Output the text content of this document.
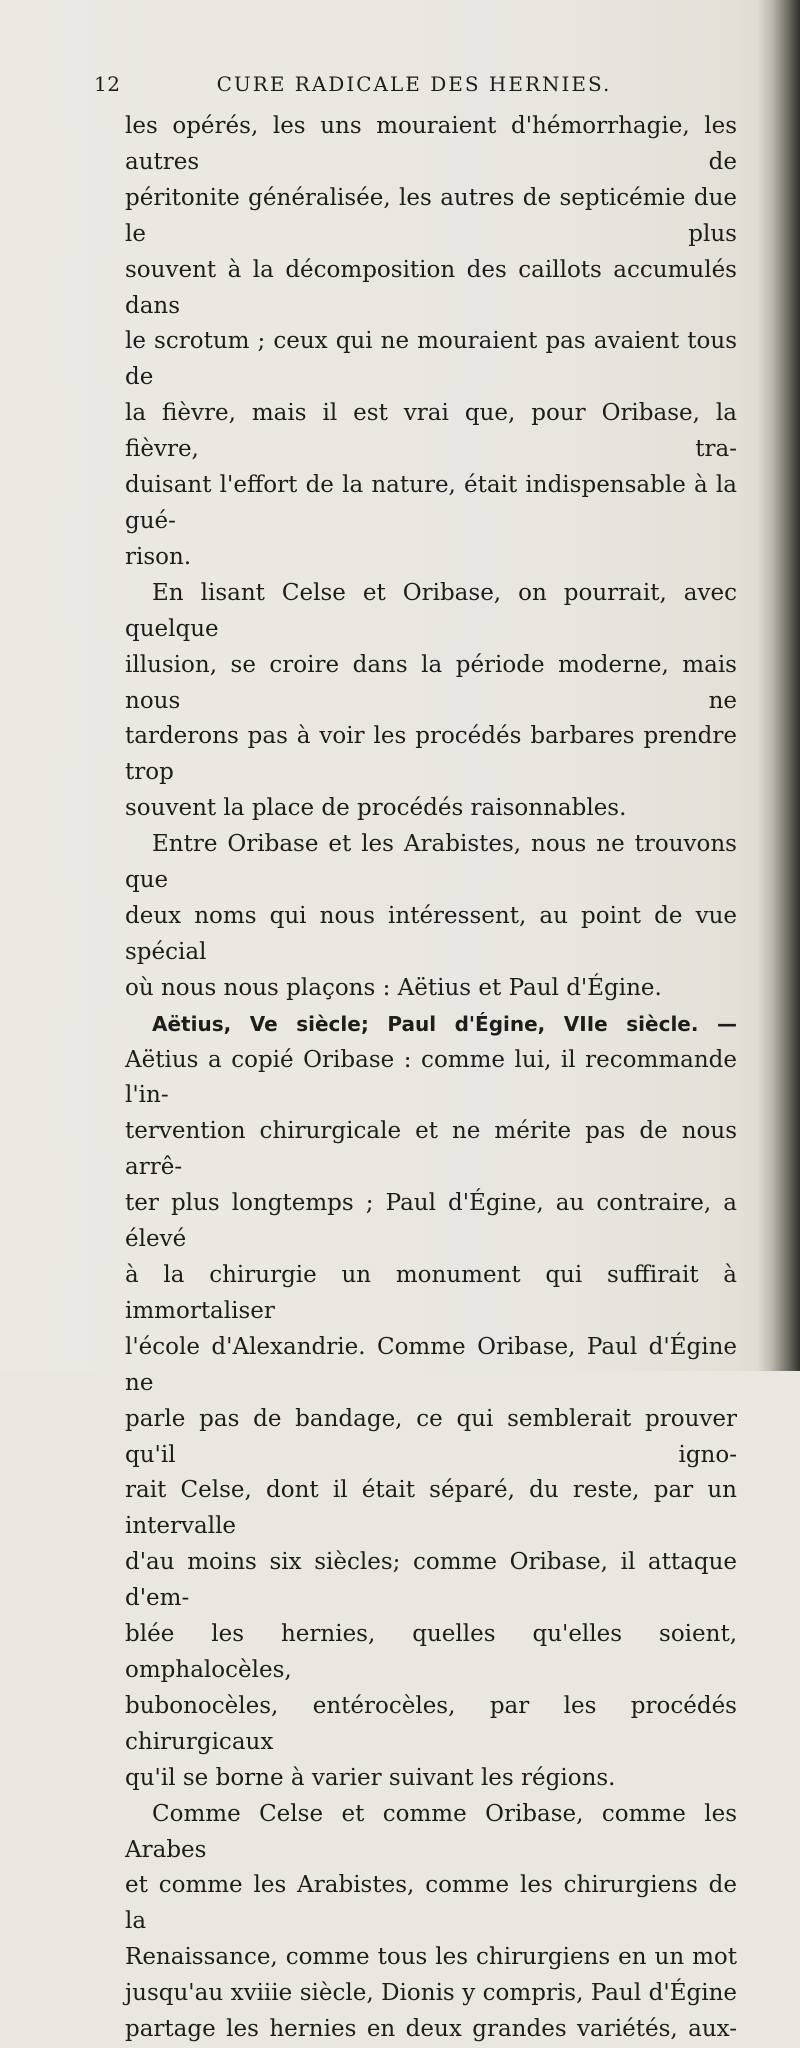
12	CURE RADICALE DES HERNIES.

les opérés, les uns mouraient d'hémorrhagie, les autres de

péritonite généralisée, les autres de septicémie due le plus

souvent à la décomposition des caillots accumulés dans

le scrotum ; ceux qui ne mouraient pas avaient tous de

la fièvre, mais il est vrai que, pour Oribase, la fièvre, tra-

duisant l'effort de la nature, était indispensable à la gué-

rison.

En lisant Celse et Oribase, on pourrait, avec quelque

illusion, se croire dans la période moderne, mais nous ne

tarderons pas à voir les procédés barbares prendre trop

souvent la place de procédés raisonnables.

Entre Oribase et les Arabistes, nous ne trouvons que

deux noms qui nous intéressent, au point de vue spécial

où nous nous plaçons : Aëtius et Paul d'Égine.

Aëtius, Ve siècle; Paul d'Égine, VIIe siècle. —

Aëtius a copié Oribase : comme lui, il recommande l'in-

tervention chirurgicale et ne mérite pas de nous arrê-

ter plus longtemps ; Paul d'Égine, au contraire, a élevé

à la chirurgie un monument qui suffirait à immortaliser

l'école d'Alexandrie. Comme Oribase, Paul d'Égine ne

parle pas de bandage, ce qui semblerait prouver qu'il igno-

rait Celse, dont il était séparé, du reste, par un intervalle

d'au moins six siècles; comme Oribase, il attaque d'em-

blée les hernies, quelles qu'elles soient, omphalocèles,

bubonocèles, entérocèles, par les procédés chirurgicaux

qu'il se borne à varier suivant les régions.

Comme Celse et comme Oribase, comme les Arabes

et comme les Arabistes, comme les chirurgiens de la

Renaissance, comme tous les chirurgiens en un mot

jusqu'au xviiie siècle, Dionis y compris, Paul d'Égine

partage les hernies en deux grandes variétés, aux-
